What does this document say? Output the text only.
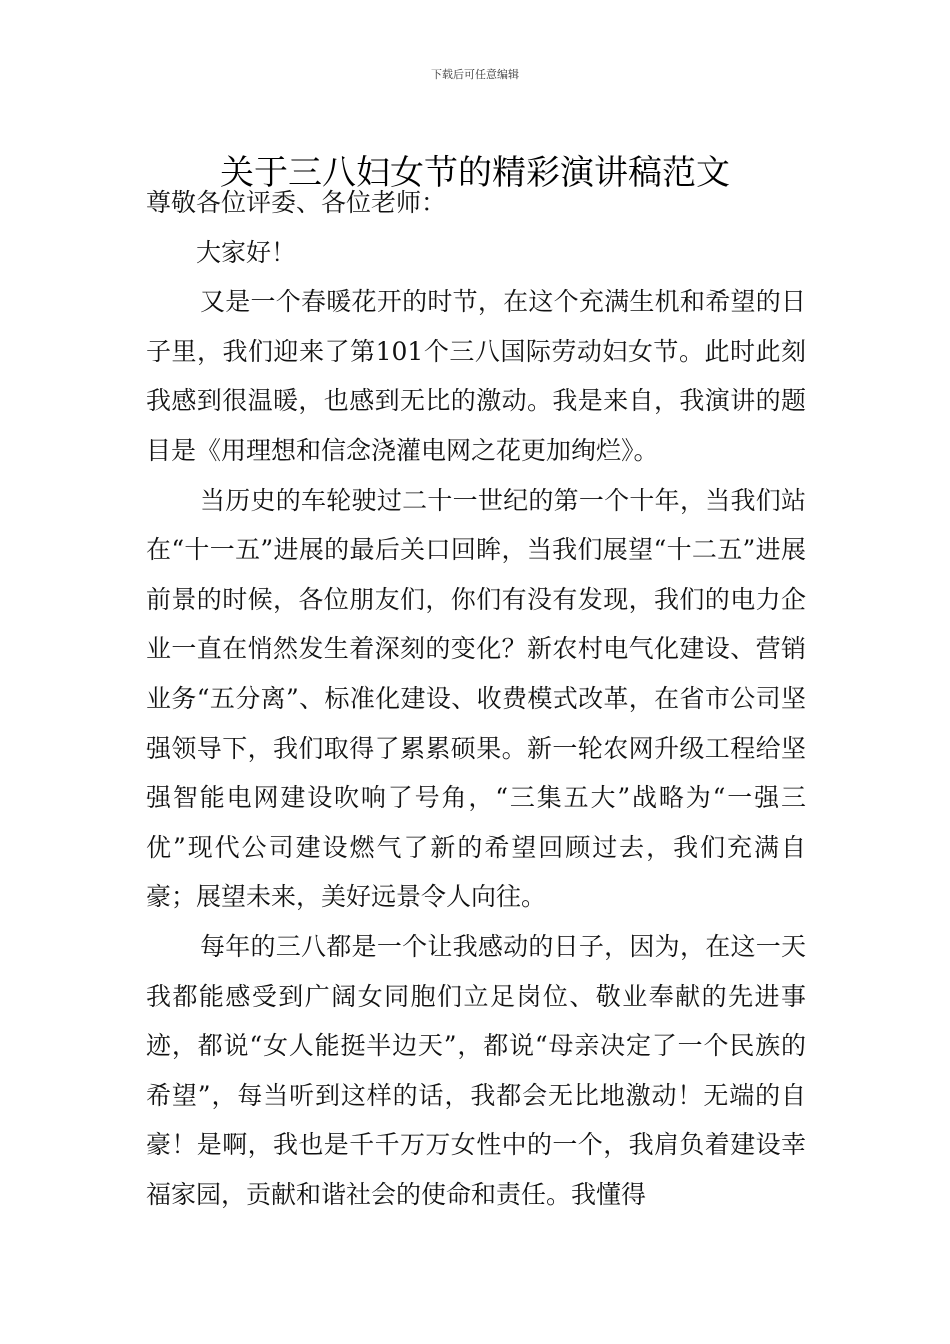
下载后可任意编辑
关于三八妇女节的精彩演讲稿范文

尊敬各位评委、各位老师：

大家好！

又是一个春暖花开的时节，在这个充满生机和希望的日子里，我们迎来了第101个三八国际劳动妇女节。此时此刻我感到很温暖，也感到无比的激动。我是来自，我演讲的题目是《用理想和信念浇灌电网之花更加绚烂》。

当历史的车轮驶过二十一世纪的第一个十年，当我们站在“十一五”进展的最后关口回眸，当我们展望“十二五”进展前景的时候，各位朋友们，你们有没有发现，我们的电力企业一直在悄然发生着深刻的变化？新农村电气化建设、营销业务“五分离”、标准化建设、收费模式改革，在省市公司坚强领导下，我们取得了累累硕果。新一轮农网升级工程给坚强智能电网建设吹响了号角，“三集五大”战略为“一强三优”现代公司建设燃气了新的希望回顾过去，我们充满自豪；展望未来，美好远景令人向往。

每年的三八都是一个让我感动的日子，因为，在这一天我都能感受到广阔女同胞们立足岗位、敬业奉献的先进事迹，都说“女人能挺半边天”，都说“母亲决定了一个民族的希望”，每当听到这样的话，我都会无比地激动！无端的自豪！是啊，我也是千千万万女性中的一个，我肩负着建设幸福家园，贡献和谐社会的使命和责任。我懂得
